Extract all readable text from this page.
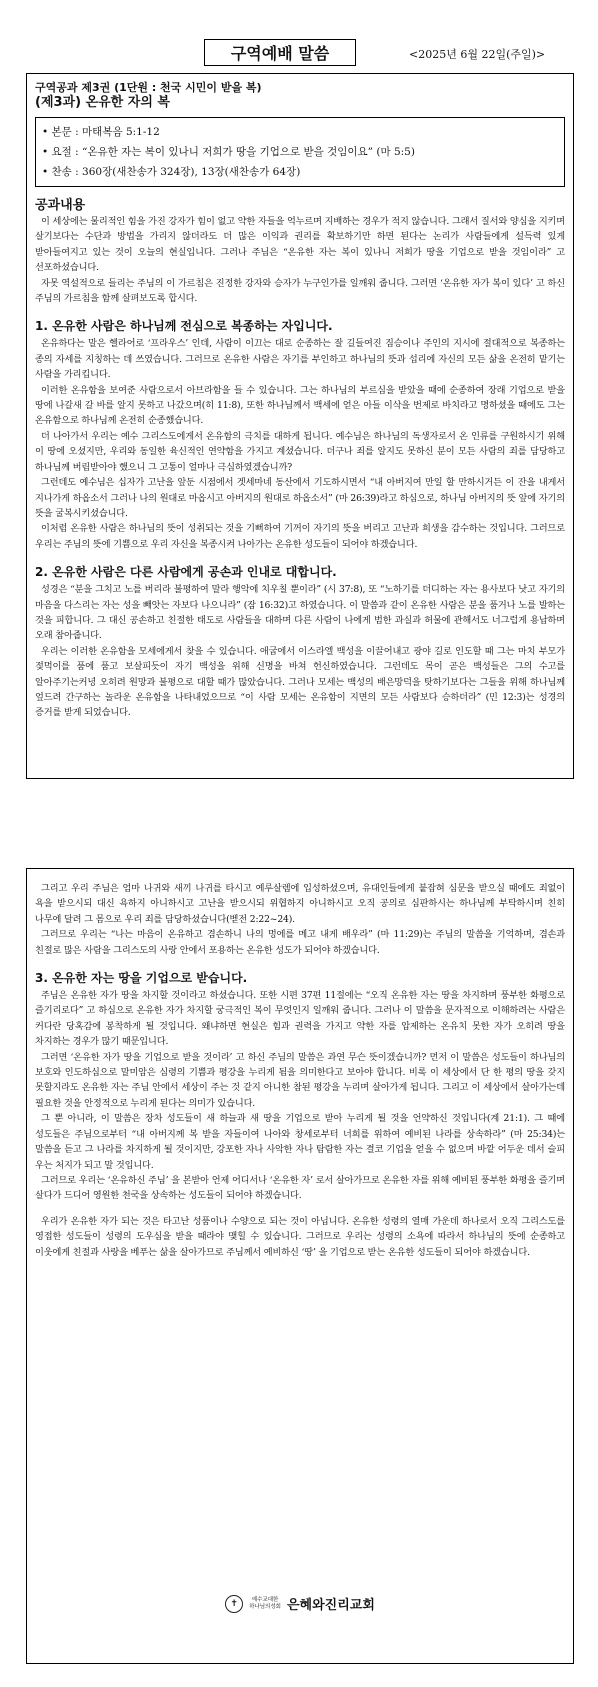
구역예배 말씀	<2025년 6월 22일(주일)>
구역공과 제3권 (1단원 : 천국 시민이 받을 복)
(제3과) 온유한 자의 복
• 본문 : 마태복음 5:1-12
• 요절 : “온유한 자는 복이 있나니 저희가 땅을 기업으로 받을 것임이요” (마 5:5)
• 찬송 : 360장(새찬송가 324장), 13장(새찬송가 64장)
공과내용

이 세상에는 물리적인 힘을 가진 강자가 힘이 없고 약한 자들을 억누르며 지배하는 경우가 적지 않습니다. 그래서 질서와 양심을 지키며 살기보다는 수단과 방법을 가리지 않더라도 더 많은 이익과 권리를 확보하기만 하면 된다는 논리가 사람들에게 설득력 있게 받아들여지고 있는 것이 오늘의 현실입니다. 그러나 주님은 “온유한 자는 복이 있나니 저희가 땅을 기업으로 받을 것임이라” 고 선포하셨습니다.

자못 역설적으로 들리는 주님의 이 가르침은 진정한 강자와 승자가 누구인가를 일깨워 줍니다. 그러면 ‘온유한 자가 복이 있다’ 고 하신 주님의 가르침을 함께 살펴보도록 합시다.

1. 온유한 사람은 하나님께 전심으로 복종하는 자입니다.

온유하다는 말은 헬라어로 ‘프라우스’ 인데, 사람이 이끄는 대로 순종하는 잘 길들여진 짐승이나 주인의 지시에 절대적으로 복종하는 종의 자세를 지칭하는 데 쓰였습니다. 그러므로 온유한 사람은 자기를 부인하고 하나님의 뜻과 섭리에 자신의 모든 삶을 온전히 맡기는 사람을 가리킵니다.

이러한 온유함을 보여준 사람으로서 아브라함을 들 수 있습니다. 그는 하나님의 부르심을 받았을 때에 순종하여 장래 기업으로 받을 땅에 나갈새 갈 바를 알지 못하고 나갔으며(히 11:8), 또한 하나님께서 백세에 얻은 아들 이삭을 번제로 바치라고 명하셨을 때에도 그는 온유함으로 하나님께 온전히 순종했습니다.

더 나아가서 우리는 예수 그리스도에게서 온유함의 극치를 대하게 됩니다. 예수님은 하나님의 독생자로서 온 인류를 구원하시기 위해 이 땅에 오셨지만, 우리와 동일한 육신적인 연약함을 가지고 계셨습니다. 더구나 죄를 알지도 못하신 분이 모든 사람의 죄를 담당하고 하나님께 버림받아야 했으니 그 고통이 얼마나 극심하였겠습니까?

그런데도 예수님은 십자가 고난을 앞둔 시점에서 겟세마네 동산에서 기도하시면서 “내 아버지여 만일 할 만하시거든 이 잔을 내게서 지나가게 하옵소서 그러나 나의 원대로 마옵시고 아버지의 원대로 하옵소서” (마 26:39)라고 하심으로, 하나님 아버지의 뜻 앞에 자기의 뜻을 굴복시키셨습니다.

이처럼 온유한 사람은 하나님의 뜻이 성취되는 것을 기뻐하여 기꺼이 자기의 뜻을 버리고 고난과 희생을 감수하는 것입니다. 그러므로 우리는 주님의 뜻에 기쁨으로 우리 자신을 복종시켜 나아가는 온유한 성도들이 되어야 하겠습니다.

2. 온유한 사람은 다른 사람에게 공손과 인내로 대합니다.

성경은 “분을 그치고 노를 버리라 불평하여 말라 행악에 치우칠 뿐이라” (시 37:8), 또 “노하기를 더디하는 자는 용사보다 낫고 자기의 마음을 다스리는 자는 성을 빼앗는 자보다 나으니라” (잠 16:32)고 하였습니다. 이 말씀과 같이 온유한 사람은 분을 품거나 노를 발하는 것을 피합니다. 그 대신 공손하고 친절한 태도로 사람들을 대하며 다른 사람이 나에게 범한 과실과 허물에 관해서도 너그럽게 용납하며 오래 참아줍니다.

우리는 이러한 온유함을 모세에게서 찾을 수 있습니다. 애굽에서 이스라엘 백성을 이끌어내고 광야 길로 인도할 때 그는 마치 부모가 젖먹이를 품에 품고 보살피듯이 자기 백성을 위해 신명을 바쳐 헌신하였습니다. 그런데도 목이 곧은 백성들은 그의 수고를 알아주기는커녕 오히려 원망과 불평으로 대할 때가 많았습니다. 그러나 모세는 백성의 배은망덕을 탓하기보다는 그들을 위해 하나님께 엎드려 간구하는 놀라운 온유함을 나타내었으므로 “이 사람 모세는 온유함이 지면의 모든 사람보다 승하더라” (민 12:3)는 성경의 증거를 받게 되었습니다.

그리고 우리 주님은 엄마 나귀와 새끼 나귀를 타시고 예루살렘에 입성하셨으며, 유대인들에게 붙잡혀 심문을 받으실 때에도 죄없이 욕을 받으시되 대신 욕하지 아니하시고 고난을 받으시되 위협하지 아니하시고 오직 공의로 심판하시는 하나님께 부탁하시며 친히 나무에 달려 그 몸으로 우리 죄를 담당하셨습니다(벧전 2:22~24).

그러므로 우리는 “나는 마음이 온유하고 겸손하니 나의 멍에를 메고 내게 배우라” (마 11:29)는 주님의 말씀을 기억하며, 겸손과 친절로 많은 사람을 그리스도의 사랑 안에서 포용하는 온유한 성도가 되어야 하겠습니다.

3. 온유한 자는 땅을 기업으로 받습니다.

주님은 온유한 자가 땅을 차지할 것이라고 하셨습니다. 또한 시편 37편 11절에는 “오직 온유한 자는 땅을 차지하며 풍부한 화평으로 즐기리로다” 고 하심으로 온유한 자가 차지할 궁극적인 복이 무엇인지 일깨워 줍니다. 그러나 이 말씀을 문자적으로 이해하려는 사람은 커다란 당혹감에 봉착하게 될 것입니다. 왜냐하면 현실은 힘과 권력을 가지고 약한 자를 압제하는 온유치 못한 자가 오히려 땅을 차지하는 경우가 많기 때문입니다.

그러면 ‘온유한 자가 땅을 기업으로 받을 것이라’ 고 하신 주님의 말씀은 과연 무슨 뜻이겠습니까? 먼저 이 말씀은 성도들이 하나님의 보호와 인도하심으로 말미암은 심령의 기쁨과 평강을 누리게 됨을 의미한다고 보아야 합니다. 비록 이 세상에서 단 한 평의 땅을 갖지 못할지라도 온유한 자는 주님 안에서 세상이 주는 것 같지 아니한 참된 평강을 누리며 살아가게 됩니다. 그리고 이 세상에서 살아가는데 필요한 것을 안정적으로 누리게 된다는 의미가 있습니다.

그 뿐 아니라, 이 말씀은 장차 성도들이 새 하늘과 새 땅을 기업으로 받아 누리게 될 것을 언약하신 것입니다(계 21:1). 그 때에 성도들은 주님으로부터 “내 아버지께 복 받을 자들이여 나아와 창세로부터 너희를 위하여 예비된 나라를 상속하라” (마 25:34)는 말씀을 듣고 그 나라를 차지하게 될 것이지만, 강포한 자나 사악한 자나 탐람한 자는 결코 기업을 얻을 수 없으며 바깥 어두운 데서 슬피 우는 처지가 되고 말 것입니다.

그러므로 우리는 ‘온유하신 주님’ 을 본받아 언제 어디서나 ‘온유한 자’ 로서 살아가므로 온유한 자를 위해 예비된 풍부한 화평을 즐기며 살다가 드디어 영원한 천국을 상속하는 성도들이 되어야 하겠습니다.

우리가 온유한 자가 되는 것은 타고난 성품이나 수양으로 되는 것이 아닙니다. 온유한 성령의 열매 가운데 하나로서 오직 그리스도를 영접한 성도들이 성령의 도우심을 받을 때라야 맺힐 수 있습니다. 그러므로 우리는 성령의 소욕에 따라서 하나님의 뜻에 순종하고 이웃에게 친절과 사랑을 베푸는 삶을 살아가므로 주님께서 예비하신 ‘땅’ 을 기업으로 받는 온유한 성도들이 되어야 하겠습니다.

✝	예수교대한
하나님의성회 은혜와진리교회
